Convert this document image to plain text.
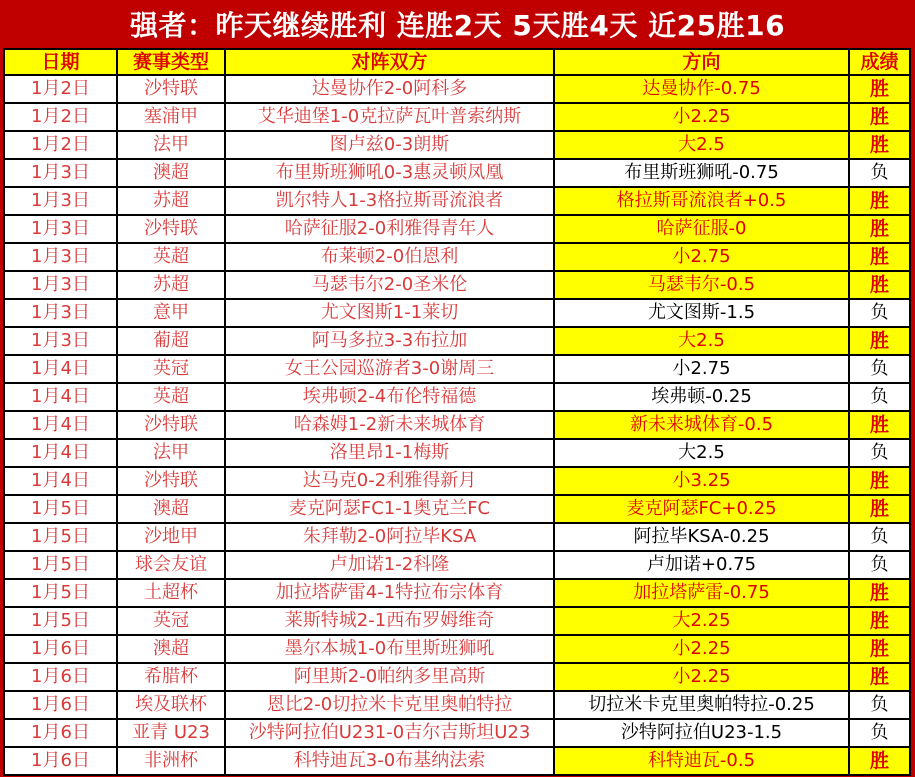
强者：昨天继续胜利 连胜2天 5天胜4天 近25胜16
日期	赛事类型	对阵双方	方向	成绩
1月2日	沙特联	达曼协作2-0阿科多	达曼协作-0.75	胜
1月2日	塞浦甲	艾华迪堡1-0克拉萨瓦叶普索纳斯	小2.25	胜
1月2日	法甲	图卢兹0-3朗斯	大2.5	胜
1月3日	澳超	布里斯班狮吼0-3惠灵顿凤凰	布里斯班狮吼-0.75	负
1月3日	苏超	凯尔特人1-3格拉斯哥流浪者	格拉斯哥流浪者+0.5	胜
1月3日	沙特联	哈萨征服2-0利雅得青年人	哈萨征服-0	胜
1月3日	英超	布莱顿2-0伯恩利	小2.75	胜
1月3日	苏超	马瑟韦尔2-0圣米伦	马瑟韦尔-0.5	胜
1月3日	意甲	尤文图斯1-1莱切	尤文图斯-1.5	负
1月3日	葡超	阿马多拉3-3布拉加	大2.5	胜
1月4日	英冠	女王公园巡游者3-0谢周三	小2.75	负
1月4日	英超	埃弗顿2-4布伦特福德	埃弗顿-0.25	负
1月4日	沙特联	哈森姆1-2新未来城体育	新未来城体育-0.5	胜
1月4日	法甲	洛里昂1-1梅斯	大2.5	负
1月4日	沙特联	达马克0-2利雅得新月	小3.25	胜
1月5日	澳超	麦克阿瑟FC1-1奥克兰FC	麦克阿瑟FC+0.25	胜
1月5日	沙地甲	朱拜勒2-0阿拉毕KSA	阿拉毕KSA-0.25	负
1月5日	球会友谊	卢加诺1-2科隆	卢加诺+0.75	负
1月5日	土超杯	加拉塔萨雷4-1特拉布宗体育	加拉塔萨雷-0.75	胜
1月5日	英冠	莱斯特城2-1西布罗姆维奇	大2.25	胜
1月6日	澳超	墨尔本城1-0布里斯班狮吼	小2.25	胜
1月6日	希腊杯	阿里斯2-0帕纳多里高斯	小2.25	胜
1月6日	埃及联杯	恩比2-0切拉米卡克里奥帕特拉	切拉米卡克里奥帕特拉-0.25	负
1月6日	亚青 U23	沙特阿拉伯U231-0吉尔吉斯坦U23	沙特阿拉伯U23-1.5	负
1月6日	非洲杯	科特迪瓦3-0布基纳法索	科特迪瓦-0.5	胜
